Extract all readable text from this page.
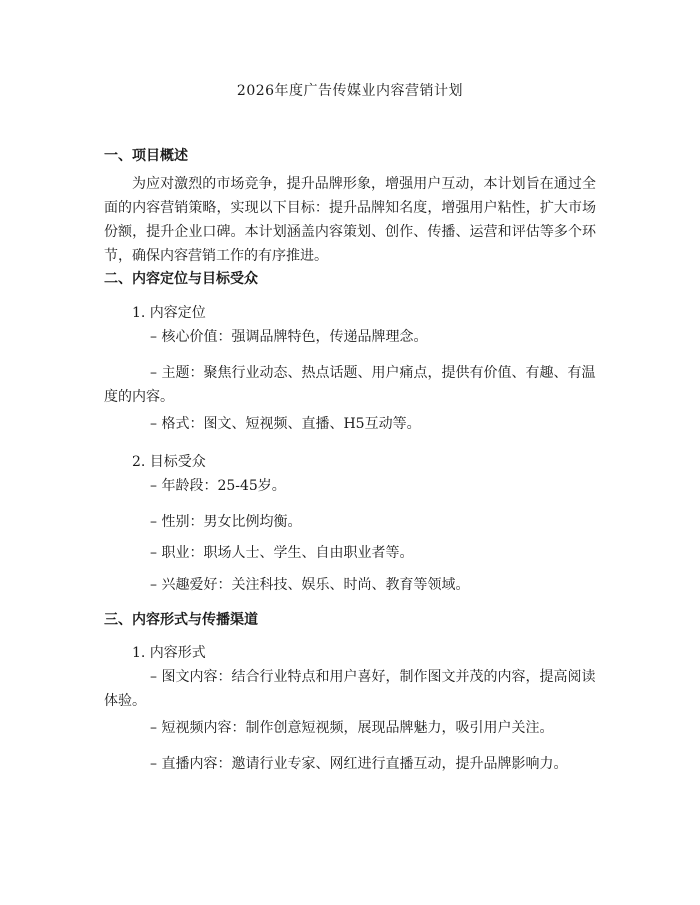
2026年度广告传媒业内容营销计划
一、项目概述
为应对激烈的市场竞争，提升品牌形象，增强用户互动，本计划旨在通过全面的内容营销策略，实现以下目标：提升品牌知名度，增强用户粘性，扩大市场份额，提升企业口碑。本计划涵盖内容策划、创作、传播、运营和评估等多个环节，确保内容营销工作的有序推进。
二、内容定位与目标受众
1. 内容定位
– 核心价值：强调品牌特色，传递品牌理念。
– 主题：聚焦行业动态、热点话题、用户痛点，提供有价值、有趣、有温度的内容。
– 格式：图文、短视频、直播、H5互动等。
2. 目标受众
– 年龄段：25-45岁。
– 性别：男女比例均衡。
– 职业：职场人士、学生、自由职业者等。
– 兴趣爱好：关注科技、娱乐、时尚、教育等领域。
三、内容形式与传播渠道
1. 内容形式
– 图文内容：结合行业特点和用户喜好，制作图文并茂的内容，提高阅读体验。
– 短视频内容：制作创意短视频，展现品牌魅力，吸引用户关注。
– 直播内容：邀请行业专家、网红进行直播互动，提升品牌影响力。
